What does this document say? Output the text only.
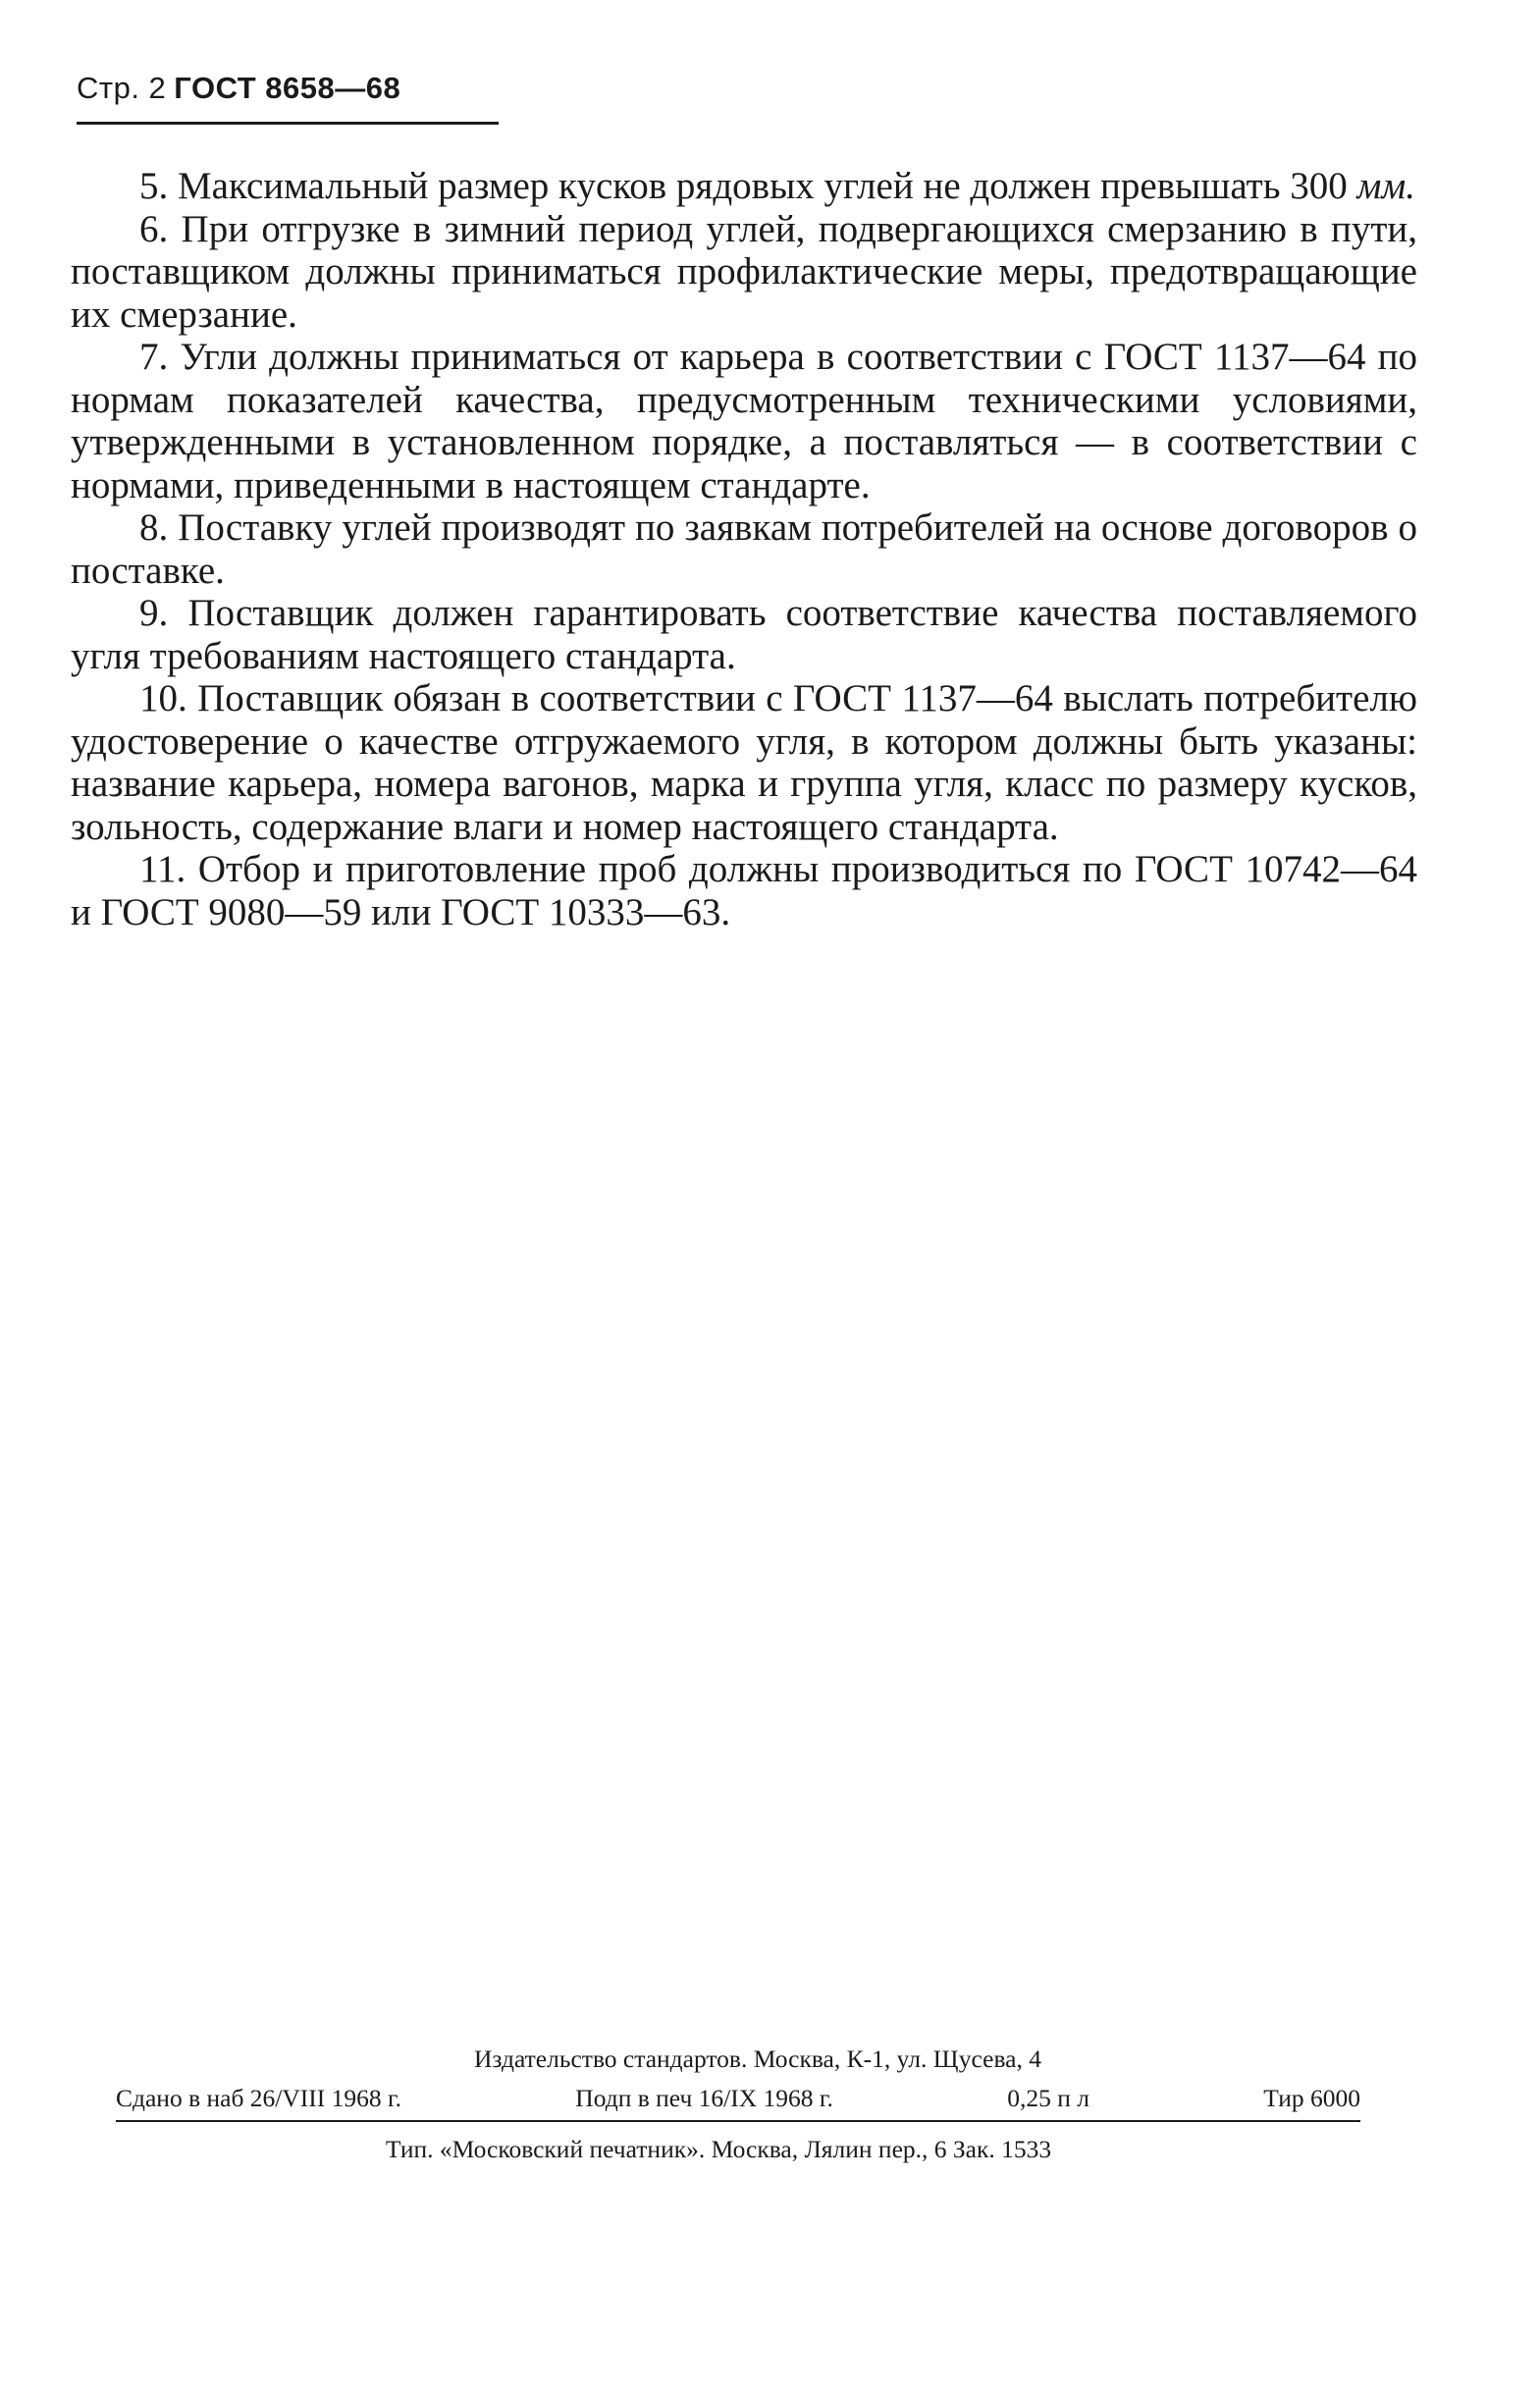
Стр. 2 ГОСТ 8658—68

5. Максимальный размер кусков рядовых углей не должен превышать 300 мм.

6. При отгрузке в зимний период углей, подвергающихся смерзанию в пути, поставщиком должны приниматься профилактические меры, предотвращающие их смерзание.

7. Угли должны приниматься от карьера в соответствии с ГОСТ 1137—64 по нормам показателей качества, предусмотренным техническими условиями, утвержденными в установленном порядке, а поставляться — в соответствии с нормами, приведенными в настоящем стандарте.

8. Поставку углей производят по заявкам потребителей на основе договоров о поставке.

9. Поставщик должен гарантировать соответствие качества поставляемого угля требованиям настоящего стандарта.

10. Поставщик обязан в соответствии с ГОСТ 1137—64 выслать потребителю удостоверение о качестве отгружаемого угля, в котором должны быть указаны: название карьера, номера вагонов, марка и группа угля, класс по размеру кусков, зольность, содержание влаги и номер настоящего стандарта.

11. Отбор и приготовление проб должны производиться по ГОСТ 10742—64 и ГОСТ 9080—59 или ГОСТ 10333—63.

Издательство стандартов. Москва, К-1, ул. Щусева, 4
Сдано в наб 26/VIII 1968 г.	Подп в печ 16/IX 1968 г.	0,25 п л	Тир 6000
Тип. «Московский печатник». Москва, Лялин пер., 6 Зак. 1533
